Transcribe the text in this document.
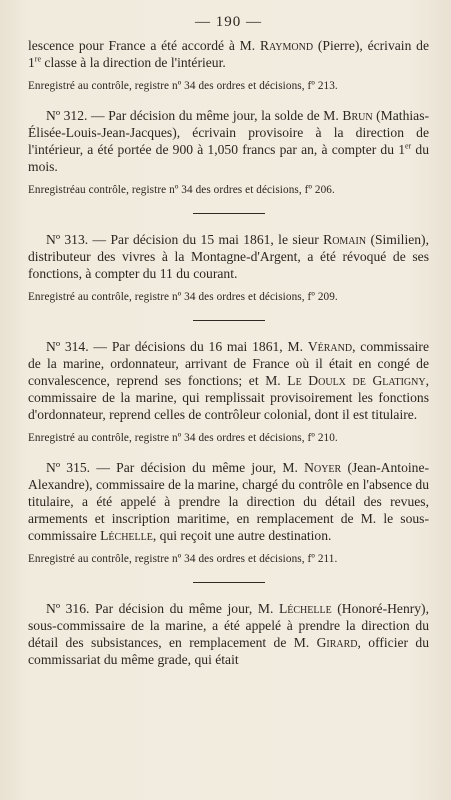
— 190 —

lescence pour France a été accordé à M. Raymond (Pierre), écrivain de 1re classe à la direction de l'intérieur.

Enregistré au contrôle, registre nº 34 des ordres et décisions, fº 213.

Nº 312. — Par décision du même jour, la solde de M. Brun (Mathias-Élisée-Louis-Jean-Jacques), écrivain provisoire à la direction de l'intérieur, a été portée de 900 à 1,050 francs par an, à compter du 1er du mois.

Enregistréau contrôle, registre nº 34 des ordres et décisions, fº 206.

Nº 313. — Par décision du 15 mai 1861, le sieur Romain (Similien), distributeur des vivres à la Montagne-d'Argent, a été révoqué de ses fonctions, à compter du 11 du courant.

Enregistré au contrôle, registre nº 34 des ordres et décisions, fº 209.

Nº 314. — Par décisions du 16 mai 1861, M. Vérand, commissaire de la marine, ordonnateur, arrivant de France où il était en congé de convalescence, reprend ses fonctions; et M. Le Doulx de Glatigny, commissaire de la marine, qui remplissait provisoirement les fonctions d'ordonnateur, reprend celles de contrôleur colonial, dont il est titulaire.

Enregistré au contrôle, registre nº 34 des ordres et décisions, fº 210.

Nº 315. — Par décision du même jour, M. Noyer (Jean-Antoine-Alexandre), commissaire de la marine, chargé du contrôle en l'absence du titulaire, a été appelé à prendre la direction du détail des revues, armements et inscription maritime, en remplacement de M. le sous-commissaire Léchelle, qui reçoit une autre destination.

Enregistré au contrôle, registre nº 34 des ordres et décisions, fº 211.

Nº 316. Par décision du même jour, M. Léchelle (Honoré-Henry), sous-commissaire de la marine, a été appelé à prendre la direction du détail des subsistances, en remplacement de M. Girard, officier du commissariat du même grade, qui était
